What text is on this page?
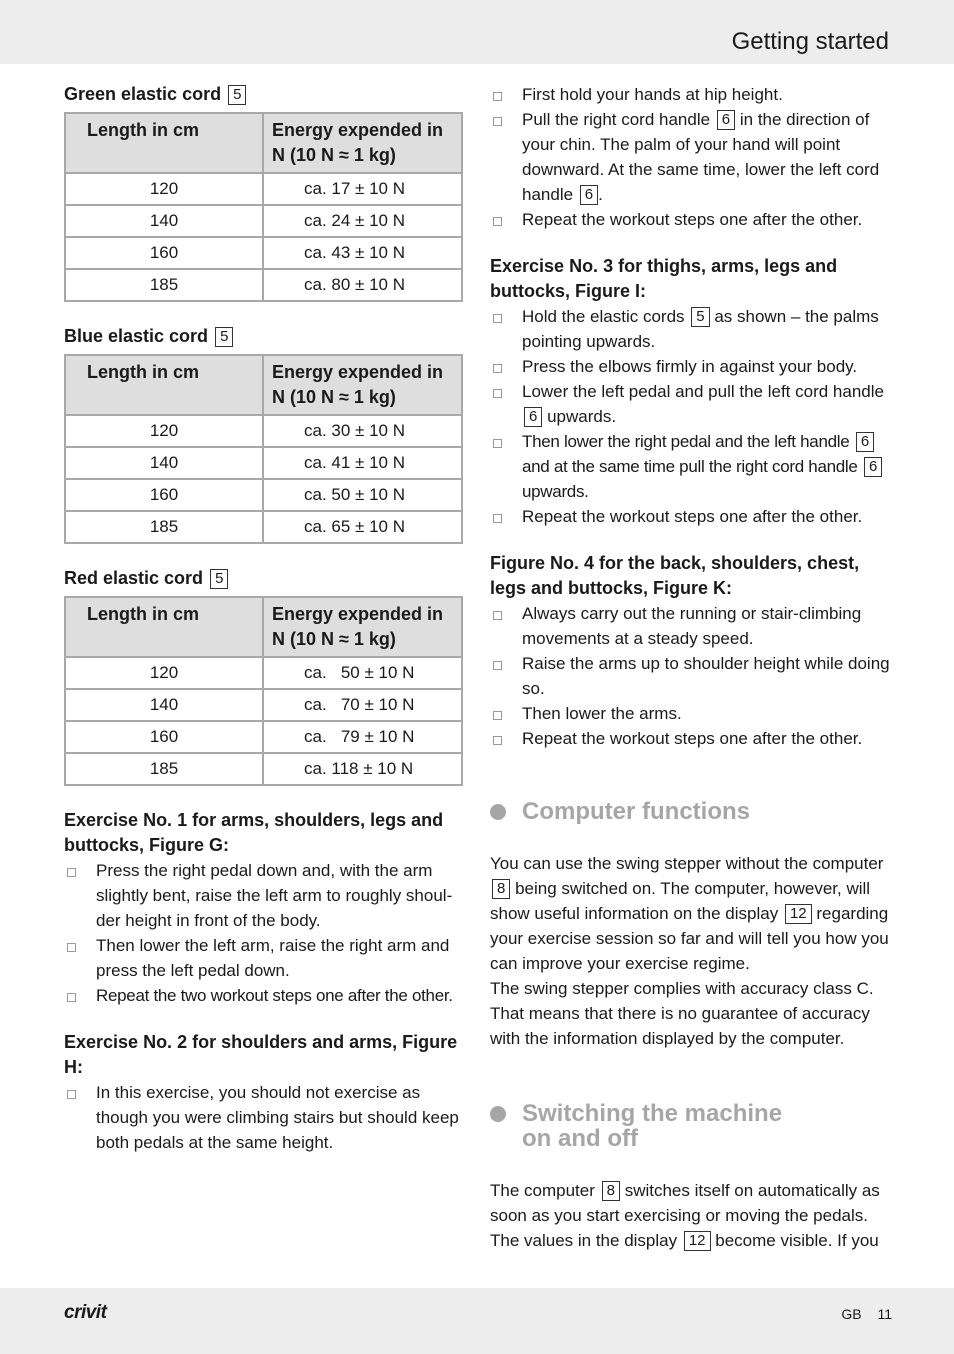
Getting started

Green elastic cord 5

Length in cm	Energy expended in N (10 N ≈ 1 kg)
120	ca. 17 ± 10 N
140	ca. 24 ± 10 N
160	ca. 43 ± 10 N
185	ca. 80 ± 10 N

Blue elastic cord 5

Length in cm	Energy expended in N (10 N ≈ 1 kg)
120	ca. 30 ± 10 N
140	ca. 41 ± 10 N
160	ca. 50 ± 10 N
185	ca. 65 ± 10 N

Red elastic cord 5

Length in cm	Energy expended in N (10 N ≈ 1 kg)
120	ca.   50 ± 10 N
140	ca.   70 ± 10 N
160	ca.   79 ± 10 N
185	ca. 118 ± 10 N

Exercise No. 1 for arms, shoulders, legs and buttocks, Figure G:

Press the right pedal down and, with the arm slightly bent, raise the left arm to roughly shoulder height in front of the body.
Then lower the left arm, raise the right arm and press the left pedal down.
Repeat the two workout steps one after the other.

Exercise No. 2 for shoulders and arms, Figure H:

In this exercise, you should not exercise as though you were climbing stairs but should keep both pedals at the same height.
First hold your hands at hip height.
Pull the right cord handle 6 in the direction of your chin. The palm of your hand will point downward. At the same time, lower the left cord handle 6 .
Repeat the workout steps one after the other.

Exercise No. 3 for thighs, arms, legs and buttocks, Figure I:

Hold the elastic cords 5 as shown – the palms pointing upwards.
Press the elbows firmly in against your body.
Lower the left pedal and pull the left cord handle 6 upwards.
Then lower the right pedal and the left handle 6 and at the same time pull the right cord handle 6 upwards.
Repeat the workout steps one after the other.

Figure No. 4 for the back, shoulders, chest, legs and buttocks, Figure K:

Always carry out the running or stair-climbing movements at a steady speed.
Raise the arms up to shoulder height while doing so.
Then lower the arms.
Repeat the workout steps one after the other.
Computer functions

You can use the swing stepper without the computer 8 being switched on. The computer, however, will show useful information on the display 12 regarding your exercise session so far and will tell you how you can improve your exercise regime.

The swing stepper complies with accuracy class C. That means that there is no guarantee of accuracy with the information displayed by the computer.

Switching the machine
on and off

The computer 8 switches itself on automatically as soon as you start exercising or moving the pedals. The values in the display 12 become visible. If you

crivit	GB 11
